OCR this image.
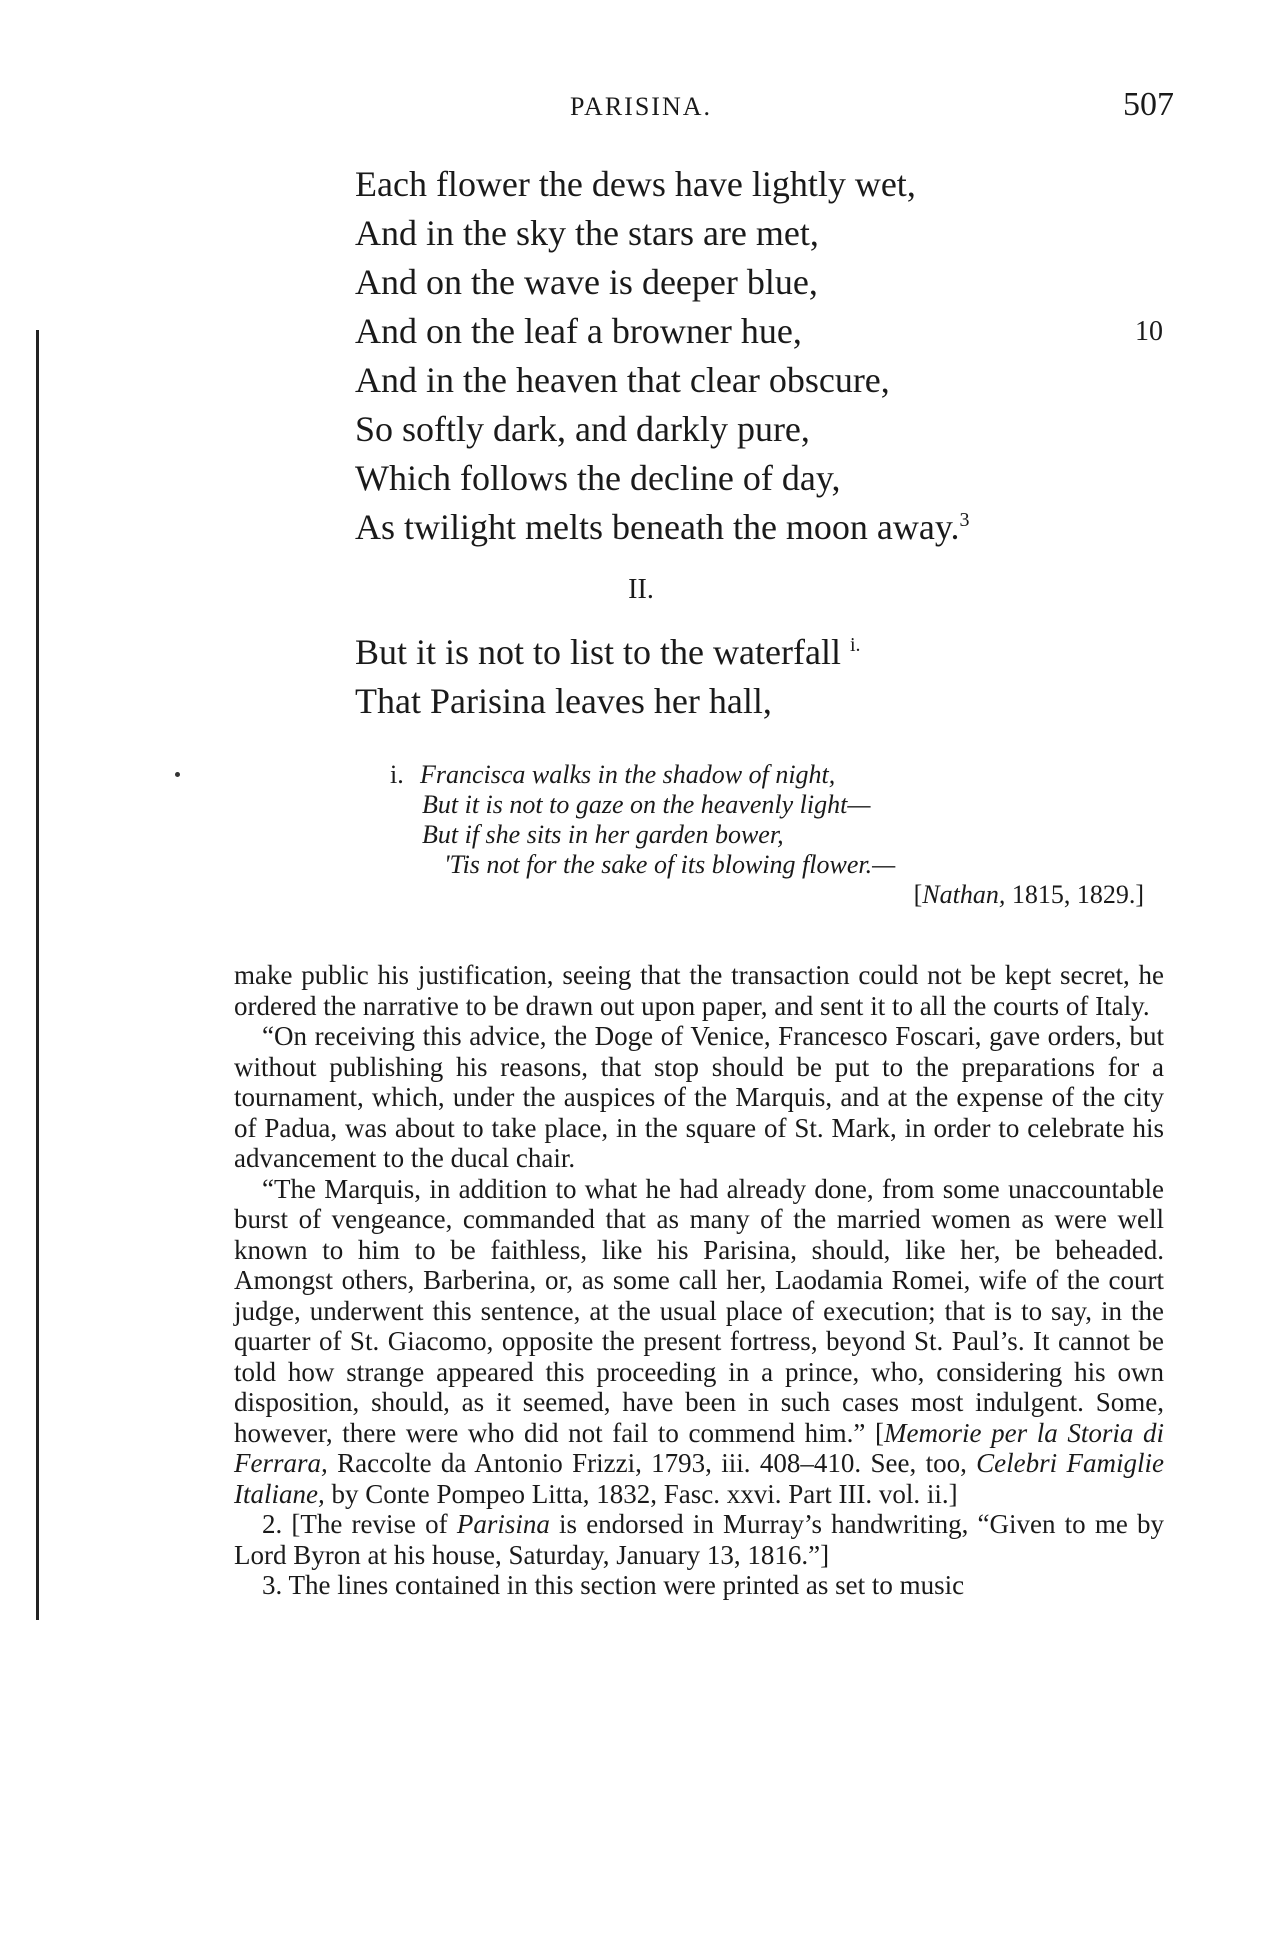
PARISINA.	507
Each flower the dews have lightly wet,
And in the sky the stars are met,
And on the wave is deeper blue,
And on the leaf a browner hue,	10
And in the heaven that clear obscure,
So softly dark, and darkly pure,
Which follows the decline of day,
As twilight melts beneath the moon away.$^3$
II.
But it is not to list to the waterfall $^{i.}$
That Parisina leaves her hall,
i. Francisca walks in the shadow of night,
But it is not to gaze on the heavenly light—
But if she sits in her garden bower,
'Tis not for the sake of its blowing flower.—
[Nathan, 1815, 1829.]

make public his justification, seeing that the transaction could not be kept secret, he ordered the narrative to be drawn out upon paper, and sent it to all the courts of Italy.

“On receiving this advice, the Doge of Venice, Francesco Foscari, gave orders, but without publishing his reasons, that stop should be put to the preparations for a tournament, which, under the auspices of the Marquis, and at the expense of the city of Padua, was about to take place, in the square of St. Mark, in order to celebrate his advancement to the ducal chair.

“The Marquis, in addition to what he had already done, from some unaccountable burst of vengeance, commanded that as many of the married women as were well known to him to be faithless, like his Parisina, should, like her, be beheaded. Amongst others, Barberina, or, as some call her, Laodamia Romei, wife of the court judge, underwent this sentence, at the usual place of execution; that is to say, in the quarter of St. Giacomo, opposite the present fortress, beyond St. Paul’s. It cannot be told how strange appeared this proceeding in a prince, who, considering his own disposition, should, as it seemed, have been in such cases most indulgent. Some, however, there were who did not fail to commend him.” [Memorie per la Storia di Ferrara, Raccolte da Antonio Frizzi, 1793, iii. 408–410. See, too, Celebri Famiglie Italiane, by Conte Pompeo Litta, 1832, Fasc. xxvi. Part III. vol. ii.]

2. [The revise of Parisina is endorsed in Murray’s handwriting, “Given to me by Lord Byron at his house, Saturday, January 13, 1816.”]

3. The lines contained in this section were printed as set to music
